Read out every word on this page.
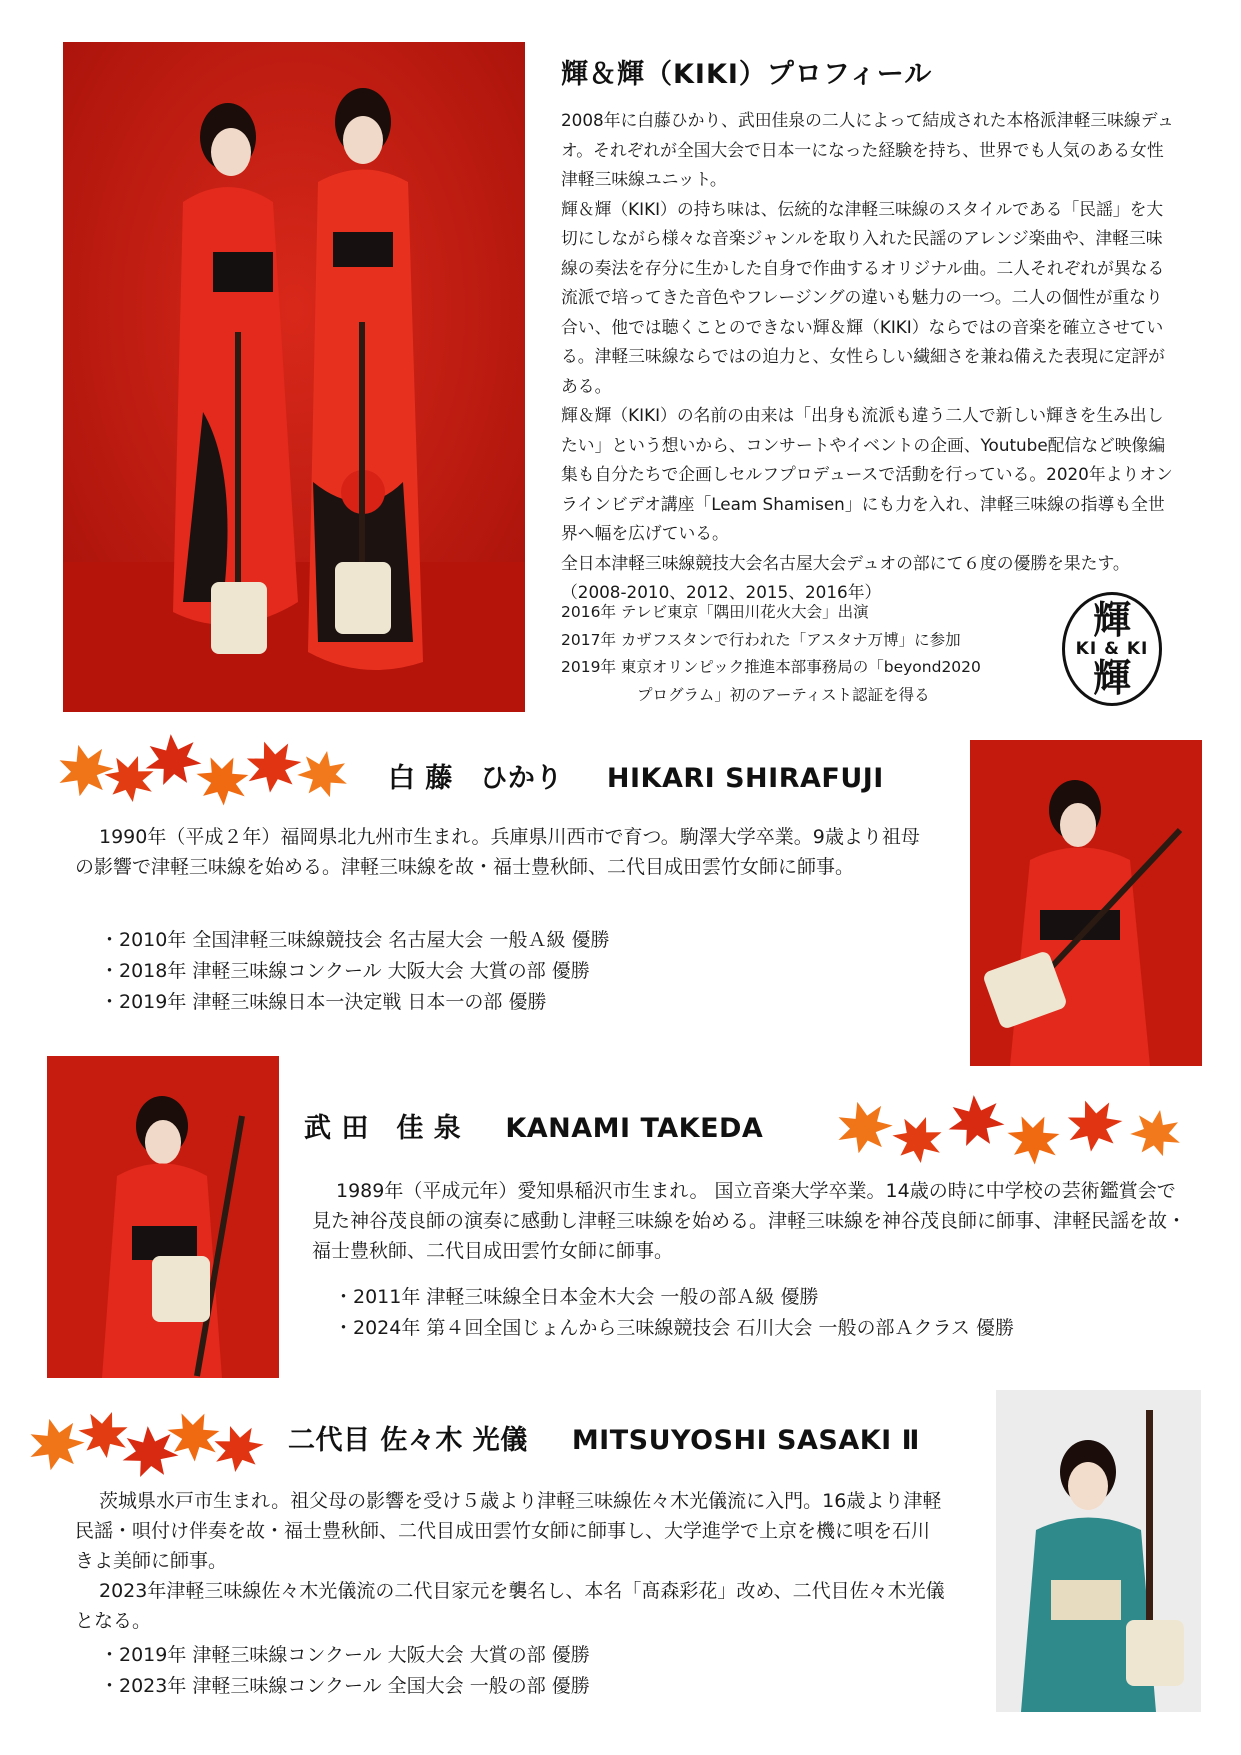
輝＆輝（KIKI）プロフィール

2008年に白藤ひかり、武田佳泉の二人によって結成された本格派津軽三味線デュオ。それぞれが全国大会で日本一になった経験を持ち、世界でも人気のある女性津軽三味線ユニット。

輝＆輝（KIKI）の持ち味は、伝統的な津軽三味線のスタイルである「民謡」を大切にしながら様々な音楽ジャンルを取り入れた民謡のアレンジ楽曲や、津軽三味線の奏法を存分に生かした自身で作曲するオリジナル曲。二人それぞれが異なる流派で培ってきた音色やフレージングの違いも魅力の一つ。二人の個性が重なり合い、他では聴くことのできない輝＆輝（KIKI）ならではの音楽を確立させている。津軽三味線ならではの迫力と、女性らしい繊細さを兼ね備えた表現に定評がある。

輝＆輝（KIKI）の名前の由来は「出身も流派も違う二人で新しい輝きを生み出したい」という想いから、コンサートやイベントの企画、Youtube配信など映像編集も自分たちで企画しセルフプロデュースで活動を行っている。2020年よりオンラインビデオ講座「Leam Shamisen」にも力を入れ、津軽三味線の指導も全世界へ幅を広げている。

全日本津軽三味線競技大会名古屋大会デュオの部にて６度の優勝を果たす。（2008-2010、2012、2015、2016年）

2016年 テレビ東京「隅田川花火大会」出演
2017年 カザフスタンで行われた「アスタナ万博」に参加
2019年 東京オリンピック推進本部事務局の「beyond2020
プログラム」初のアーティスト認証を得る
輝
KI & KI
輝
白 藤　ひかり HIKARI SHIRAFUJI

1990年（平成２年）福岡県北九州市生まれ。兵庫県川西市で育つ。駒澤大学卒業。9歳より祖母の影響で津軽三味線を始める。津軽三味線を故・福士豊秋師、二代目成田雲竹女師に師事。

・2010年 全国津軽三味線競技会 名古屋大会 一般Ａ級 優勝
・2018年 津軽三味線コンクール 大阪大会 大賞の部 優勝
・2019年 津軽三味線日本一決定戦 日本一の部 優勝
武 田　佳 泉 KANAMI TAKEDA

1989年（平成元年）愛知県稲沢市生まれ。 国立音楽大学卒業。14歳の時に中学校の芸術鑑賞会で見た神谷茂良師の演奏に感動し津軽三味線を始める。津軽三味線を神谷茂良師に師事、津軽民謡を故・福士豊秋師、二代目成田雲竹女師に師事。

・2011年 津軽三味線全日本金木大会 一般の部Ａ級 優勝
・2024年 第４回全国じょんから三味線競技会 石川大会 一般の部Ａクラス 優勝
二代目 佐々木 光儀 MITSUYOSHI SASAKI Ⅱ

茨城県水戸市生まれ。祖父母の影響を受け５歳より津軽三味線佐々木光儀流に入門。16歳より津軽民謡・唄付け伴奏を故・福士豊秋師、二代目成田雲竹女師に師事し、大学進学で上京を機に唄を石川きよ美師に師事。

2023年津軽三味線佐々木光儀流の二代目家元を襲名し、本名「髙森彩花」改め、二代目佐々木光儀となる。

・2019年 津軽三味線コンクール 大阪大会 大賞の部 優勝
・2023年 津軽三味線コンクール 全国大会 一般の部 優勝
